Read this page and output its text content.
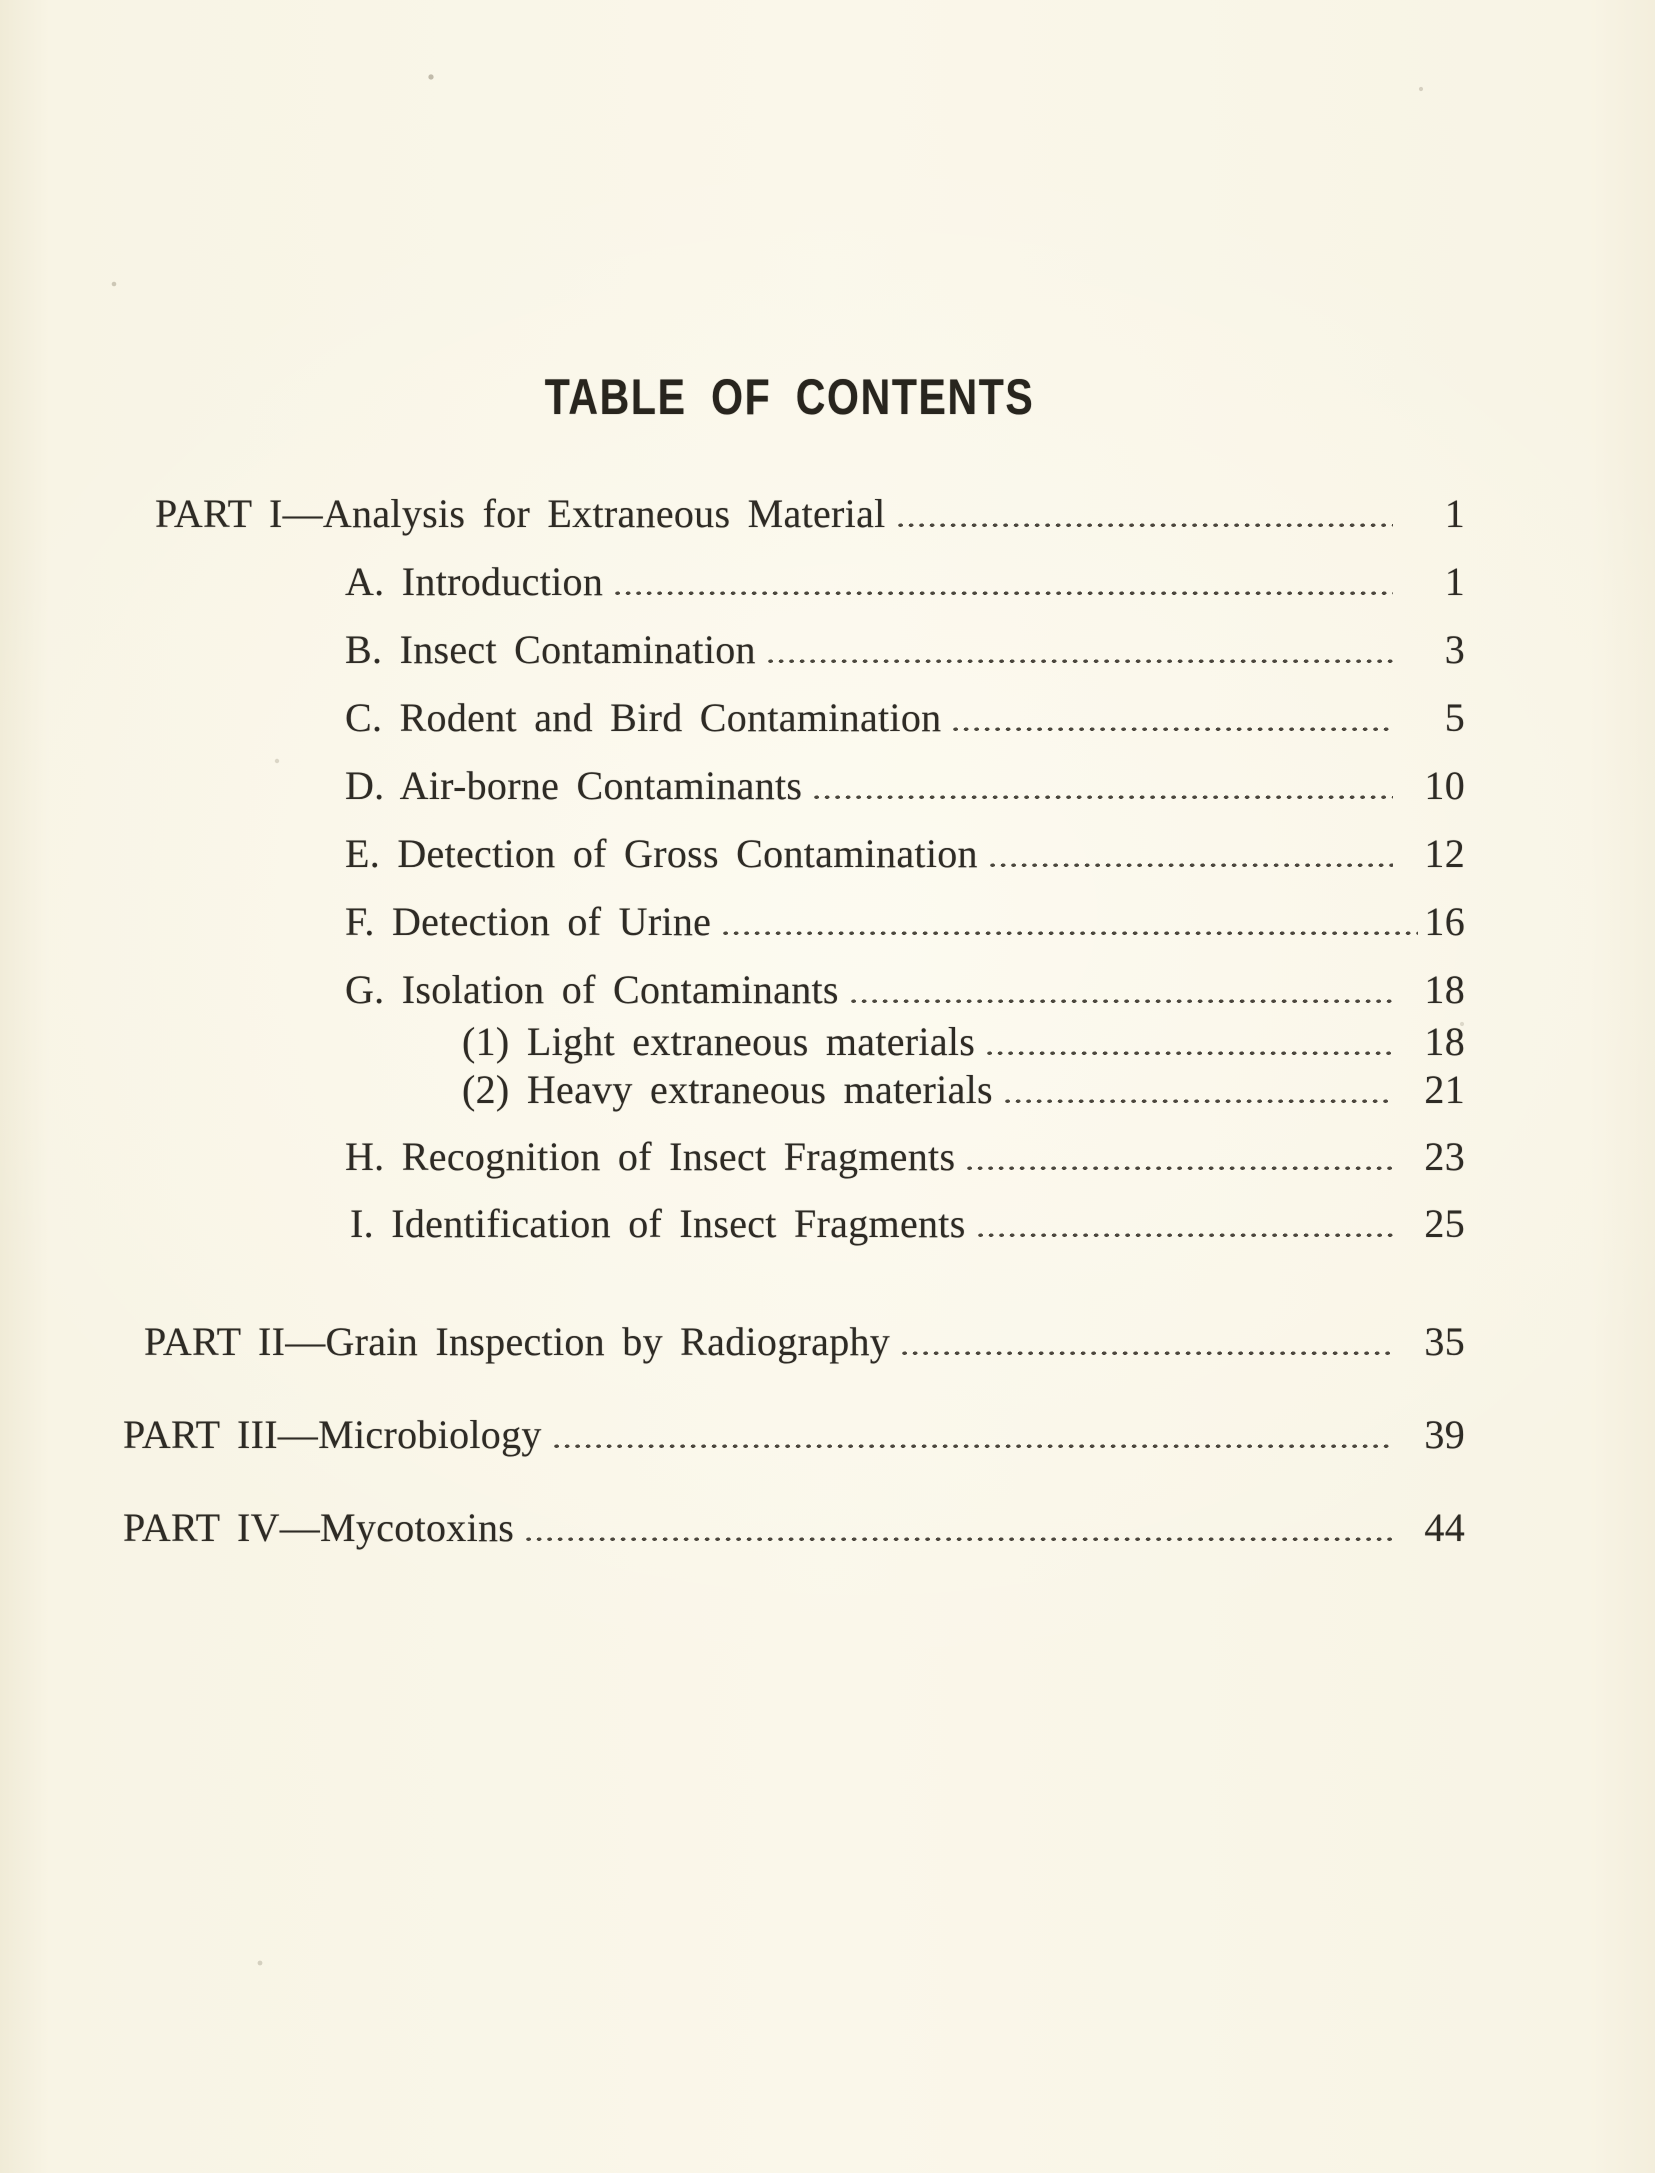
TABLE OF CONTENTS
PART I—Analysis for Extraneous Material	1
A. Introduction	1
B. Insect Contamination	3
C. Rodent and Bird Contamination	5
D. Air-borne Contaminants	10
E. Detection of Gross Contamination	12
F. Detection of Urine	16
G. Isolation of Contaminants	18
(1) Light extraneous materials	18
(2) Heavy extraneous materials	21
H. Recognition of Insect Fragments	23
I. Identification of Insect Fragments	25
PART II—Grain Inspection by Radiography	35
PART III—Microbiology	39
PART IV—Mycotoxins	44
